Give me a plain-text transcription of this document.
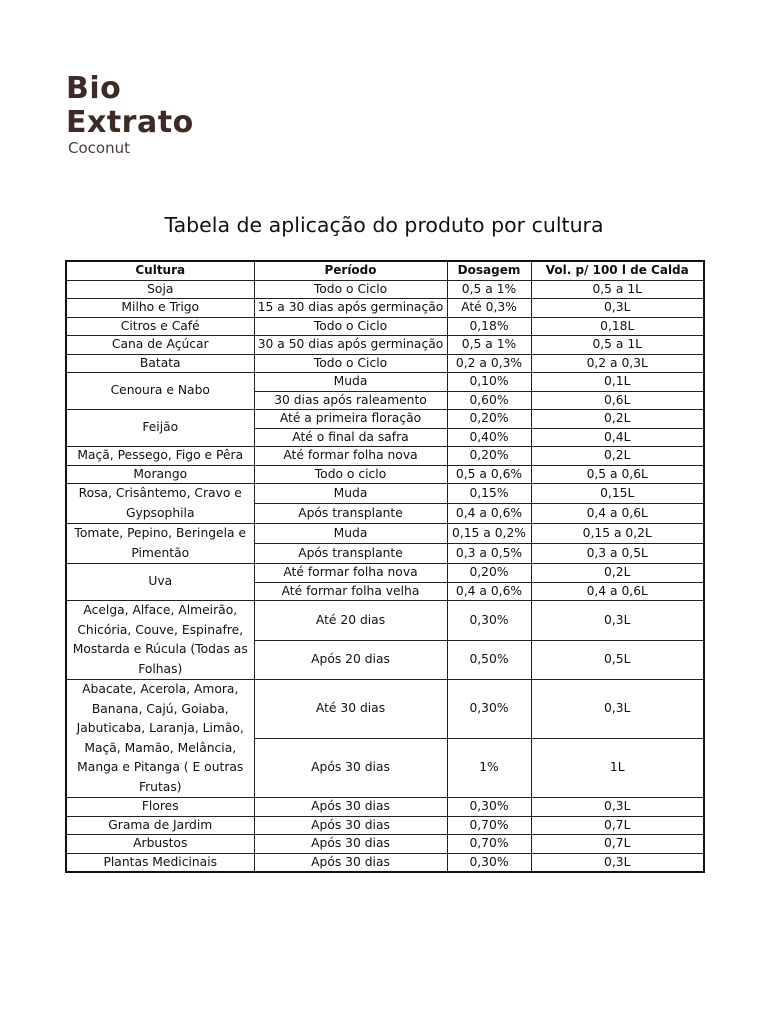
Bio
Extrato
Coconut
Tabela de aplicação do produto por cultura
Cultura	Período	Dosagem	Vol. p/ 100 l de Calda
Soja	Todo o Ciclo	0,5 a 1%	0,5 a 1L
Milho e Trigo	15 a 30 dias após germinação	Até 0,3%	0,3L
Citros e Café	Todo o Ciclo	0,18%	0,18L
Cana de Açúcar	30 a 50 dias após germinação	0,5 a 1%	0,5 a 1L
Batata	Todo o Ciclo	0,2 a 0,3%	0,2 a 0,3L
Cenoura e Nabo	Muda	0,10%	0,1L
	30 dias após raleamento	0,60%	0,6L
Feijão	Até a primeira floração	0,20%	0,2L
	Até o final da safra	0,40%	0,4L
Maçã, Pessego, Figo e Pêra	Até formar folha nova	0,20%	0,2L
Morango	Todo o ciclo	0,5 a 0,6%	0,5 a 0,6L
Rosa, Crisântemo, Cravo e Gypsophila	Muda	0,15%	0,15L
	Após transplante	0,4 a 0,6%	0,4 a 0,6L
Tomate, Pepino, Beringela e Pimentão	Muda	0,15 a 0,2%	0,15 a 0,2L
	Após transplante	0,3 a 0,5%	0,3 a 0,5L
Uva	Até formar folha nova	0,20%	0,2L
	Até formar folha velha	0,4 a 0,6%	0,4 a 0,6L
Acelga, Alface, Almeirão, Chicória, Couve, Espinafre, Mostarda e Rúcula (Todas as Folhas)	Até 20 dias	0,30%	0,3L
	Após 20 dias	0,50%	0,5L
Abacate, Acerola, Amora, Banana, Cajú, Goiaba, Jabuticaba, Laranja, Limão, Maçã, Mamão, Melância, Manga e Pitanga ( E outras Frutas)	Até 30 dias	0,30%	0,3L
	Após 30 dias	1%	1L
Flores	Após 30 dias	0,30%	0,3L
Grama de Jardim	Após 30 dias	0,70%	0,7L
Arbustos	Após 30 dias	0,70%	0,7L
Plantas Medicinais	Após 30 dias	0,30%	0,3L
